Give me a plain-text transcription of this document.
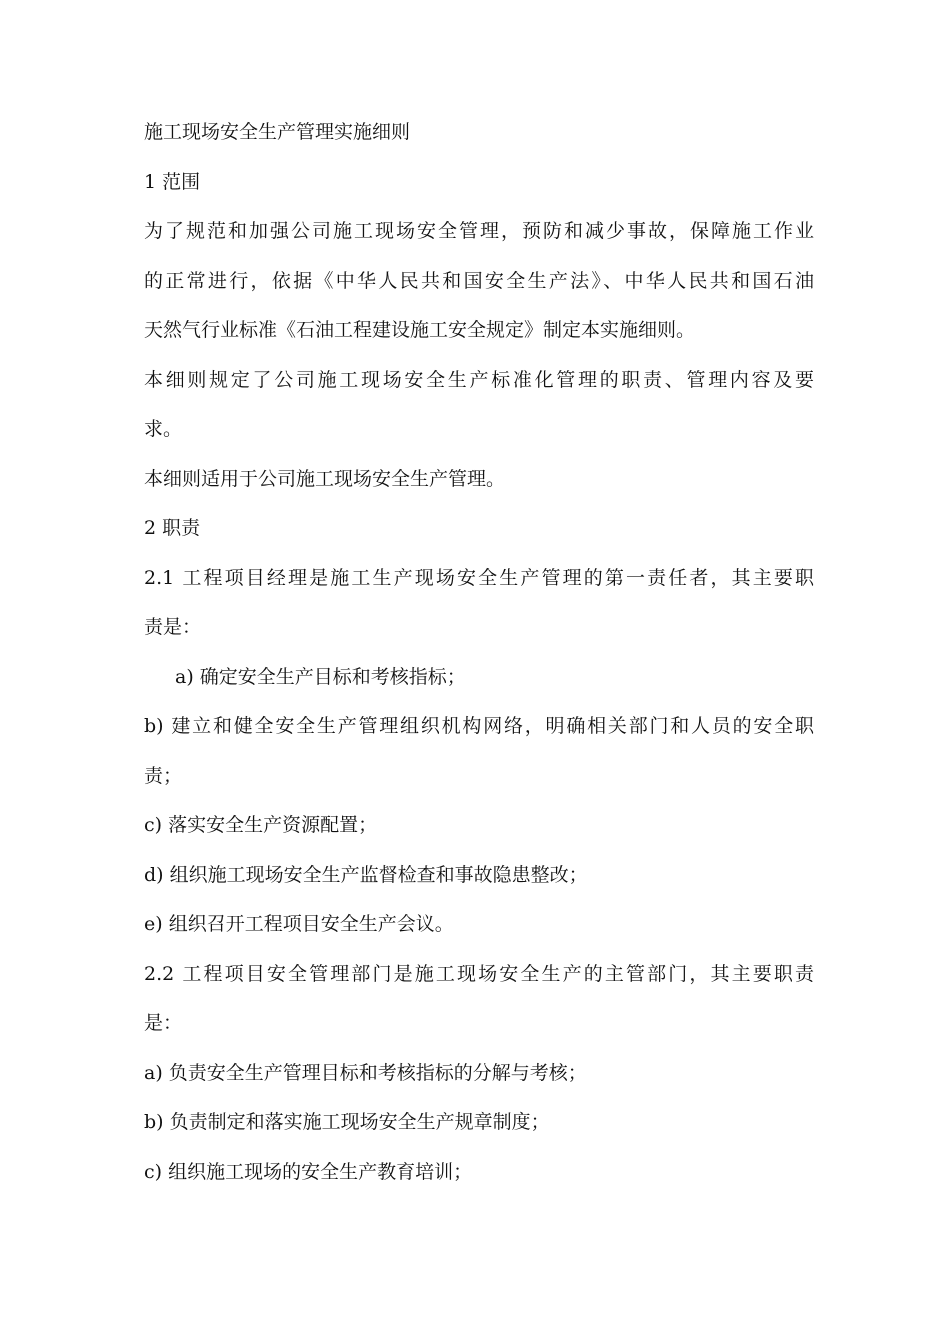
施工现场安全生产管理实施细则
1 范围
为了规范和加强公司施工现场安全管理，预防和减少事故，保障施工作业
的正常进行，依据《中华人民共和国安全生产法》、中华人民共和国石油
天然气行业标准《石油工程建设施工安全规定》制定本实施细则。
本细则规定了公司施工现场安全生产标准化管理的职责、管理内容及要
求。
本细则适用于公司施工现场安全生产管理。
2 职责
2.1 工程项目经理是施工生产现场安全生产管理的第一责任者，其主要职
责是：
a) 确定安全生产目标和考核指标；
b) 建立和健全安全生产管理组织机构网络，明确相关部门和人员的安全职
责；
c) 落实安全生产资源配置；
d) 组织施工现场安全生产监督检查和事故隐患整改；
e) 组织召开工程项目安全生产会议。
2.2 工程项目安全管理部门是施工现场安全生产的主管部门，其主要职责
是：
a) 负责安全生产管理目标和考核指标的分解与考核；
b) 负责制定和落实施工现场安全生产规章制度；
c) 组织施工现场的安全生产教育培训；
